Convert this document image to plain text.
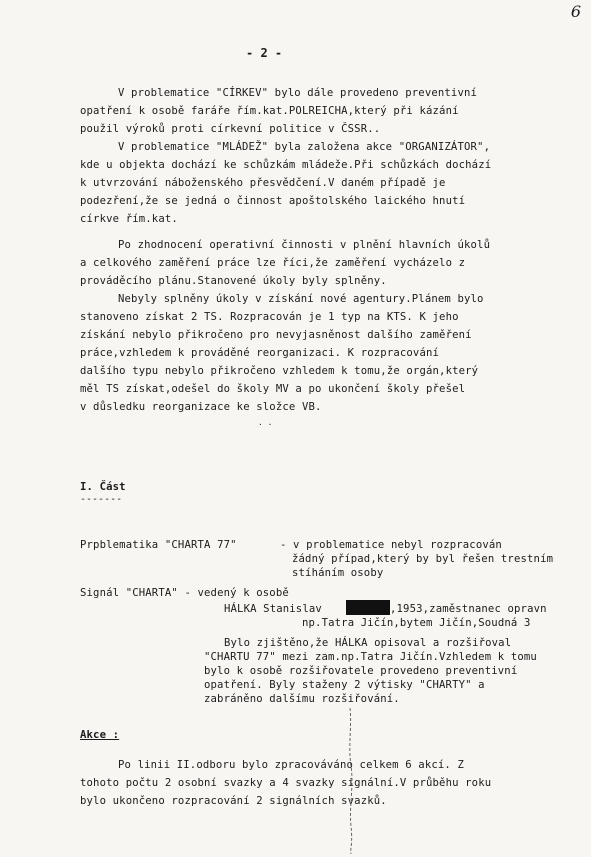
6
- 2 -
V problematice "CÍRKEV" bylo dále provedeno preventivní
opatření k osobě faráře řím.kat.POLREICHA,který při kázání
použil výroků proti církevní politice v ČSSR..
V problematice "MLÁDEŽ" byla založena akce "ORGANIZÁTOR",
kde u objekta dochází ke schůzkám mládeže.Při schůzkách dochází
k utvrzování náboženského přesvědčení.V daném případě je
podezření,že se jedná o činnost apoštolského laického hnutí
církve řím.kat.
Po zhodnocení operativní činnosti v plnění hlavních úkolů
a celkového zaměření práce lze říci,že zaměření vycházelo z
prováděcího plánu.Stanovené úkoly byly splněny.
Nebyly splněny úkoly v získání nové agentury.Plánem bylo
stanoveno získat 2 TS. Rozpracován je 1 typ na KTS. K jeho
získání nebylo přikročeno pro nevyjasněnost dalšího zaměření
práce,vzhledem k prováděné reorganizaci. K rozpracování
dalšího typu nebylo přikročeno vzhledem k tomu,že orgán,který
měl TS získat,odešel do školy MV a po ukončení školy přešel
v důsledku reorganizace ke složce VB.
. .
I. Část
-------
Prpblematika "CHARTA 77"	- v problematice nebyl rozpracován
žádný případ,který by byl řešen trestním
stíháním osoby
Signál "CHARTA" - vedený k osobě
HÁLKA Stanislav	,1953,zaměstnanec opravn
np.Tatra Jičín,bytem Jičín,Soudná 3
Bylo zjištěno,že HÁLKA opisoval a rozšiřoval
"CHARTU 77" mezi zam.np.Tatra Jičín.Vzhledem k tomu
bylo k osobě rozšiřovatele provedeno preventivní
opatření. Byly staženy 2 výtisky "CHARTY" a
zabráněno dalšímu rozšiřování.
Akce :
Po linii II.odboru bylo zpracováváno celkem 6 akcí. Z
tohoto počtu 2 osobní svazky a 4 svazky signální.V průběhu roku
bylo ukončeno rozpracování 2 signálních svazků.
